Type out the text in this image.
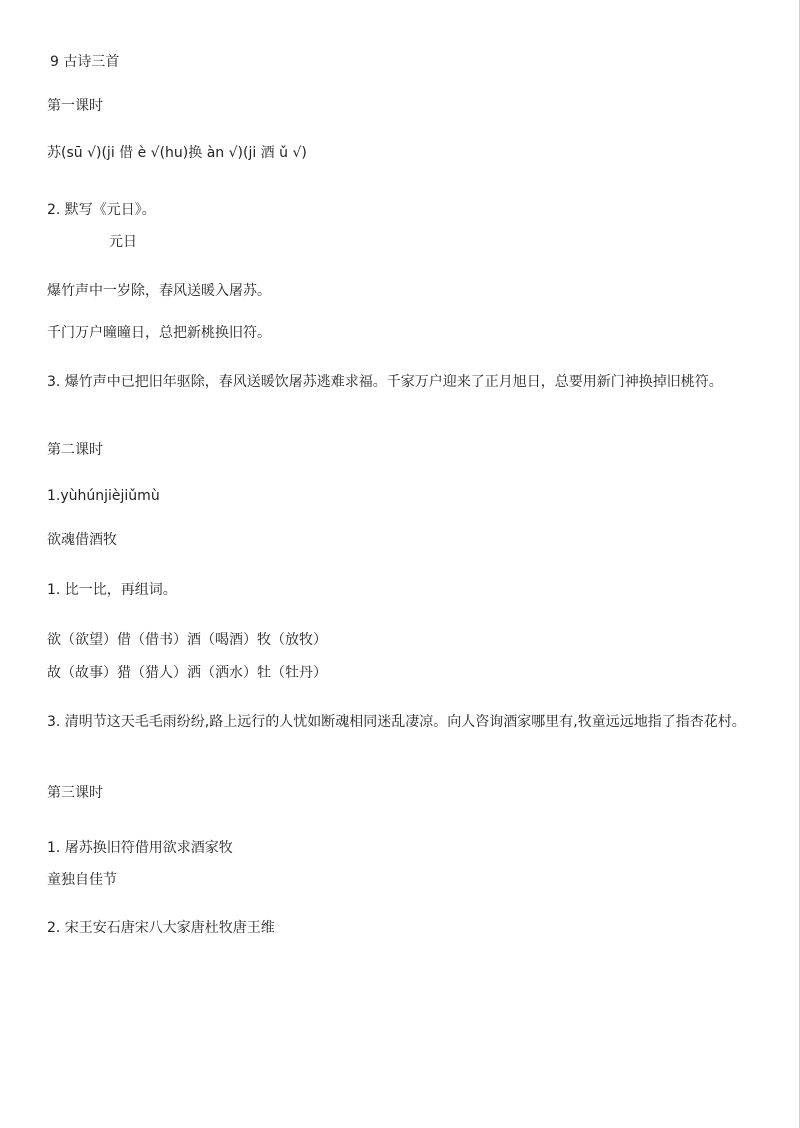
9 古诗三首
第一课时
苏(sū √)(ji 借 è √(hu)换 àn √)(ji 酒 ǔ √)
2. 默写《元日》。
元日
爆竹声中一岁除，春风送暖入屠苏。
千门万户曈曈日，总把新桃换旧符。
3. 爆竹声中已把旧年驱除，春风送暖饮屠苏逃难求福。千家万户迎来了正月旭日，总要用新门神换掉旧桃符。
第二课时
1.yùhúnjièjiǔmù
欲魂借酒牧
1. 比一比，再组词。
欲（欲望）借（借书）酒（喝酒）牧（放牧）
故（故事）猎（猎人）洒（洒水）牡（牡丹）
3. 清明节这天毛毛雨纷纷,路上远行的人忧如断魂相同迷乱凄凉。向人咨询酒家哪里有,牧童远远地指了指杏花村。
第三课时
1. 屠苏换旧符借用欲求酒家牧
童独自佳节
2. 宋王安石唐宋八大家唐杜牧唐王维
